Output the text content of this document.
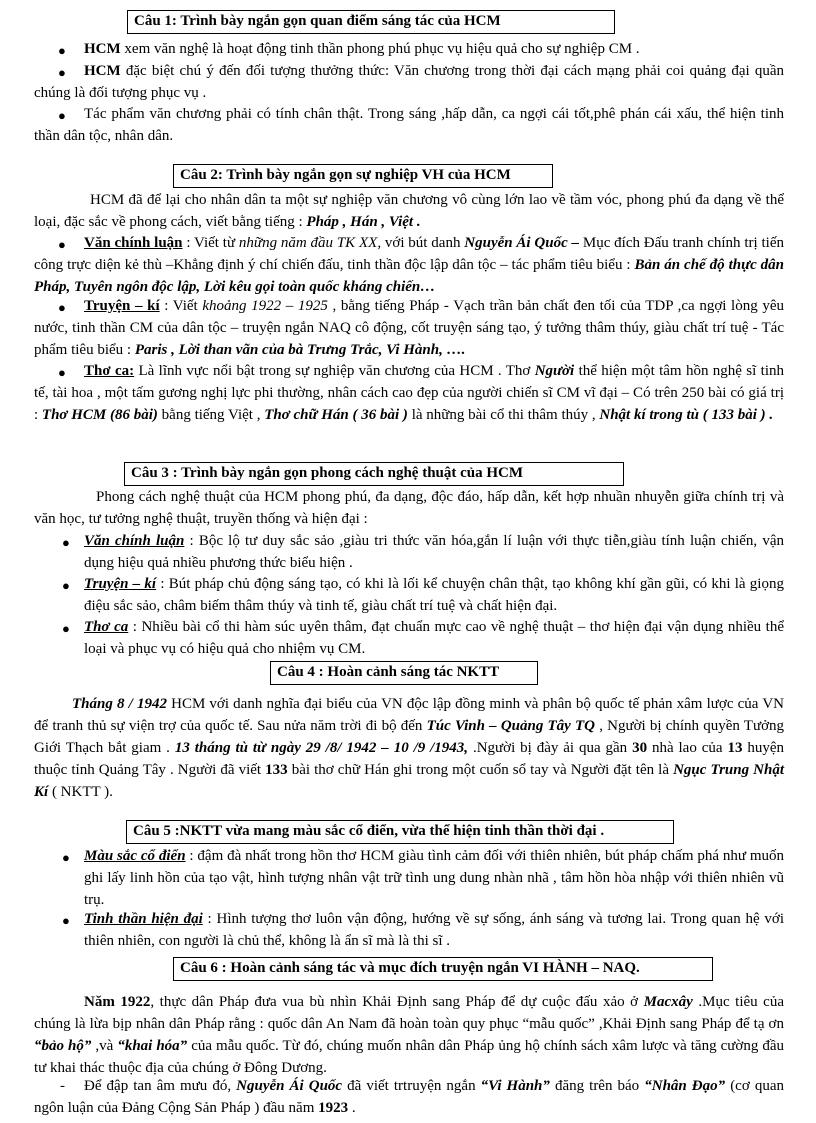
Câu 1: Trình bày ngắn gọn quan điểm sáng tác của HCM
● HCM xem văn nghệ là hoạt động tinh thần phong phú phục vụ hiệu quả cho sự nghiệp CM .

●	HCM đặc biệt chú ý đến đối tượng thưởng thức: Văn chương trong thời đại cách mạng phải coi quảng đại quần chúng là đối tượng phục vụ .

●	Tác phẩm văn chương phải có tính chân thật. Trong sáng ,hấp dẫn, ca ngợi cái tốt,phê phán cái xấu, thể hiện tinh thần dân tộc, nhân dân.

Câu 2: Trình bày ngắn gọn sự nghiệp VH của HCM

HCM đã để lại cho nhân dân ta một sự nghiệp văn chương vô cùng lớn lao về tầm vóc, phong phú đa dạng về thể loại, đặc sắc về phong cách, viết bằng tiếng : Pháp , Hán , Việt .

●	Văn chính luận : Viết từ những năm đầu TK XX, với bút danh Nguyễn Ái Quốc – Mục đích Đấu tranh chính trị tiến công trực diện kẻ thù –Khẳng định ý chí chiến đấu, tinh thần độc lập dân tộc – tác phẩm tiêu biểu : Bản án chế độ thực dân Pháp, Tuyên ngôn độc lập, Lời kêu gọi toàn quốc kháng chiến…

●	Truyện – kí : Viết khoảng 1922 – 1925 , bằng tiếng Pháp - Vạch trần bản chất đen tối của TDP ,ca ngợi lòng yêu nước, tinh thần CM của dân tộc – truyện ngắn NAQ cô động, cốt truyện sáng tạo, ý tưởng thâm thúy, giàu chất trí tuệ - Tác phẩm tiêu biểu : Paris , Lời than vãn của bà Trưng Trắc, Vi Hành, ….

●	Thơ ca: Là lĩnh vực nổi bật trong sự nghiệp văn chương của HCM . Thơ Người thể hiện một tâm hồn nghệ sĩ tinh tế, tài hoa , một tấm gương nghị lực phi thường, nhân cách cao đẹp của người chiến sĩ CM vĩ đại – Có trên 250 bài có giá trị : Thơ HCM (86 bài) bằng tiếng Việt , Thơ chữ Hán ( 36 bài ) là những bài cổ thi thâm thúy , Nhật kí trong tù ( 133 bài ) .

Câu 3 : Trình bày ngắn gọn phong cách nghệ thuật của HCM

Phong cách nghệ thuật của HCM phong phú, đa dạng, độc đáo, hấp dẫn, kết hợp nhuần nhuyễn giữa chính trị và văn học, tư tưởng nghệ thuật, truyền thống và hiện đại :

● Văn chính luận : Bộc lộ tư duy sắc sảo ,giàu tri thức văn hóa,gắn lí luận với thực tiễn,giàu tính luận chiến, vận dụng hiệu quả nhiều phương thức biểu hiện .

● Truyện – kí : Bút pháp chủ động sáng tạo, có khi là lối kể chuyện chân thật, tạo không khí gần gũi, có khi là giọng điệu sắc sảo, châm biếm thâm thúy và tinh tế, giàu chất trí tuệ và chất hiện đại.

● Thơ ca : Nhiều bài cổ thi hàm súc uyên thâm, đạt chuẩn mực cao về nghệ thuật – thơ hiện đại vận dụng nhiều thể loại và phục vụ có hiệu quả cho nhiệm vụ CM.

Câu 4 : Hoàn cảnh sáng tác NKTT

Tháng 8 / 1942 HCM với danh nghĩa đại biểu của VN độc lập đồng minh và phân bộ quốc tế phản xâm lược của VN để tranh thủ sự viện trợ của quốc tế. Sau nửa năm trời đi bộ đến Túc Vinh – Quảng Tây TQ , Người bị chính quyền Tưởng Giới Thạch bắt giam . 13 tháng tù từ ngày 29 /8/ 1942 – 10 /9 /1943, .Người bị đày ải qua gần 30 nhà lao của 13 huyện thuộc tỉnh Quảng Tây . Người đã viết 133 bài thơ chữ Hán ghi trong một cuốn sổ tay và Người đặt tên là Ngục Trung Nhật Kí ( NKTT ).

Câu 5 :NKTT vừa mang màu sắc cổ điển, vừa thể hiện tinh thần thời đại .
● Màu sắc cổ điển : đậm đà nhất trong hồn thơ HCM giàu tình cảm đối với thiên nhiên, bút pháp chấm phá như muốn ghi lấy linh hồn của tạo vật, hình tượng nhân vật trữ tình ung dung nhàn nhã , tâm hồn hòa nhập với thiên nhiên vũ trụ.

● Tinh thần hiện đại : Hình tượng thơ luôn vận động, hướng về sự sống, ánh sáng và tương lai. Trong quan hệ với thiên nhiên, con người là chủ thể, không là ẩn sĩ mà là thi sĩ .

Câu 6 : Hoàn cảnh sáng tác và mục đích truyện ngắn VI HÀNH – NAQ.

Năm 1922, thực dân Pháp đưa vua bù nhìn Khải Định sang Pháp để dự cuộc đấu xảo ở Macxây .Mục tiêu của chúng là lừa bịp nhân dân Pháp rằng : quốc dân An Nam đã hoàn toàn quy phục “mẫu quốc” ,Khải Định sang Pháp để tạ ơn “bảo hộ” ,và “khai hóa” của mẫu quốc. Từ đó, chúng muốn nhân dân Pháp ủng hộ chính sách xâm lược và tăng cường đầu tư khai thác thuộc địa của chúng ở Đông Dương.

-	Để đập tan âm mưu đó, Nguyễn Ái Quốc đã viết trtruyện ngắn “Vi Hành” đăng trên báo “Nhân Đạo” (cơ quan ngôn luận của Đảng Cộng Sản Pháp ) đầu năm 1923 .
